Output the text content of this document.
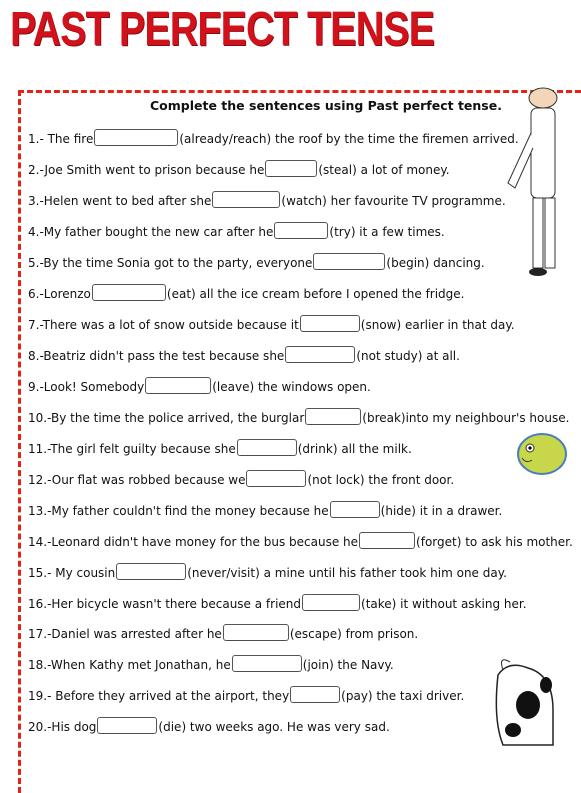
PAST PERFECT TENSE
Complete the sentences using Past perfect tense.
1.- The fire	(already/reach) the roof by the time the firemen arrived.
2.-Joe Smith went to prison because he	(steal) a lot of money.
3.-Helen went to bed after she	(watch) her favourite TV programme.
4.-My father bought the new car after he	(try) it a few times.
5.-By the time Sonia got to the party, everyone	(begin) dancing.
6.-Lorenzo	(eat) all the ice cream before I opened the fridge.
7.-There was a lot of snow outside because it	(snow) earlier in that day.
8.-Beatriz didn't pass the test because she	(not study) at all.
9.-Look! Somebody	(leave) the windows open.
10.-By the time the police arrived, the burglar	(break)into my neighbour's house.
11.-The girl felt guilty because she	(drink) all the milk.
12.-Our flat was robbed because we	(not lock) the front door.
13.-My father couldn't find the money because he	(hide) it in a drawer.
14.-Leonard didn't have money for the bus because he	(forget) to ask his mother.
15.- My cousin	(never/visit) a mine until his father took him one day.
16.-Her bicycle wasn't there because a friend	(take) it without asking her.
17.-Daniel was arrested after he	(escape) from prison.
18.-When Kathy met Jonathan, he	(join) the Navy.
19.- Before they arrived at the airport, they	(pay) the taxi driver.
20.-His dog	(die) two weeks ago. He was very sad.
